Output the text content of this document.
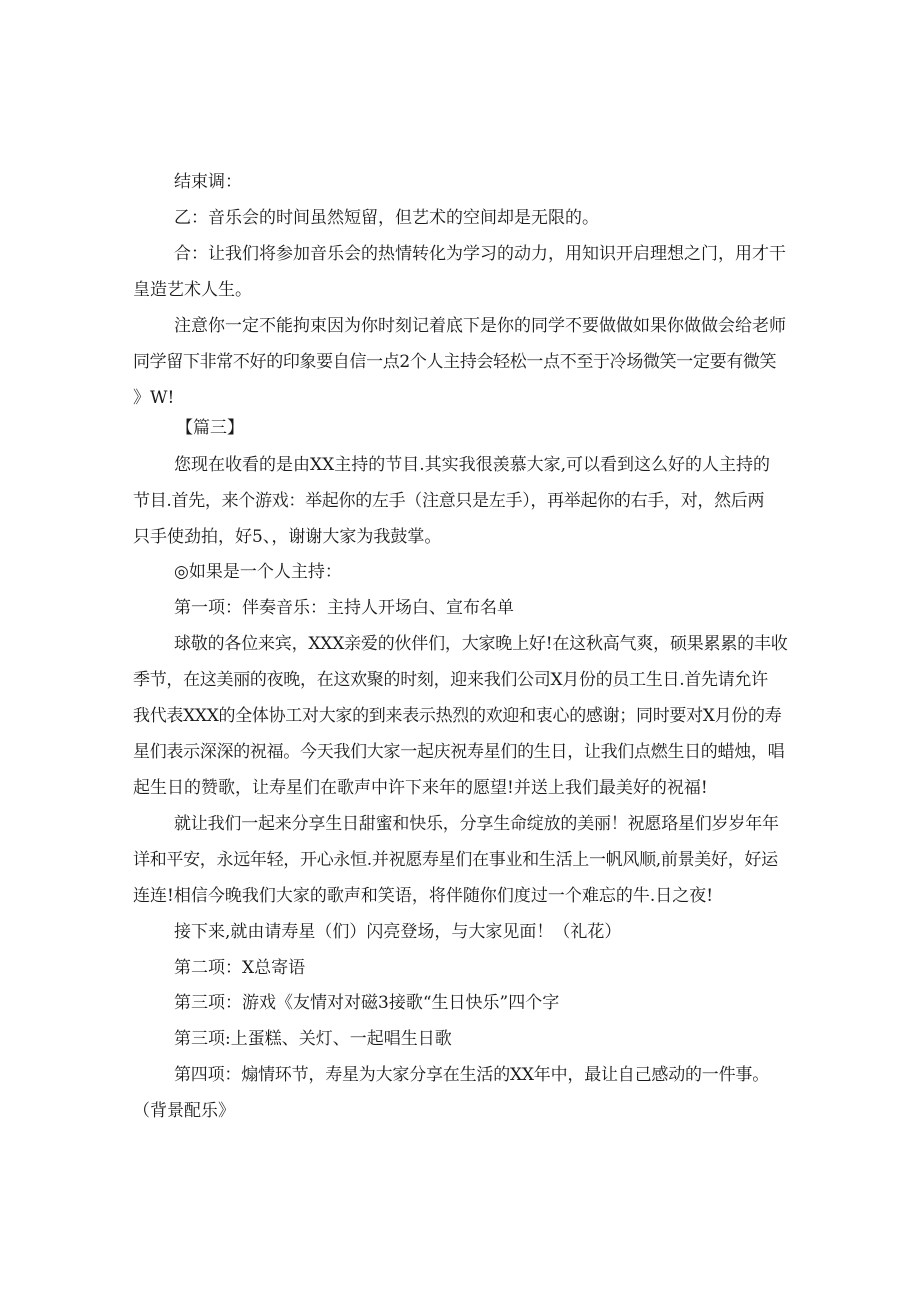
结束调：
乙：音乐会的时间虽然短留，但艺术的空间却是无限的。
合：让我们将参加音乐会的热情转化为学习的动力，用知识开启理想之门，用才干
皇造艺术人生。
注意你一定不能拘束因为你时刻记着底下是你的同学不要做做如果你做做会给老师
同学留下非常不好的印象要自信一点2个人主持会轻松一点不至于冷场微笑一定要有微笑
》W!
【篇三】
您现在收看的是由XX主持的节目.其实我很羡慕大家,可以看到这么好的人主持的
节目.首先，来个游戏：举起你的左手（注意只是左手），再举起你的右手，对，然后两
只手使劲拍，好5、，谢谢大家为我鼓掌。
◎如果是一个人主持：
第一项：伴奏音乐：主持人开场白、宣布名单
球敬的各位来宾，XXX亲爱的伙伴们，大家晚上好!在这秋高气爽，硕果累累的丰收
季节，在这美丽的夜晚，在这欢聚的时刻，迎来我们公司X月份的员工生日.首先请允许
我代表XXX的全体协工对大家的到来表示热烈的欢迎和衷心的感谢；同时要对X月份的寿
星们表示深深的祝福。今天我们大家一起庆祝寿星们的生日，让我们点燃生日的蜡烛，唱
起生日的赞歌，让寿星们在歌声中许下来年的愿望!并送上我们最美好的祝福!
就让我们一起来分享生日甜蜜和快乐，分享生命绽放的美丽！祝愿珞星们岁岁年年
详和平安，永远年轻，开心永恒.并祝愿寿星们在事业和生活上一帆风顺,前景美好，好运
连连!相信今晚我们大家的歌声和笑语，将伴随你们度过一个难忘的牛.日之夜!
接下来,就由请寿星（们）闪亮登场，与大家见面！（礼花）
第二项：X总寄语
第三项：游戏《友情对对磁3接歌“生日快乐”四个字
第三项:上蛋糕、关灯、一起唱生日歌
第四项：煽情环节，寿星为大家分享在生活的XX年中，最让自己感动的一件事。
（背景配乐》
